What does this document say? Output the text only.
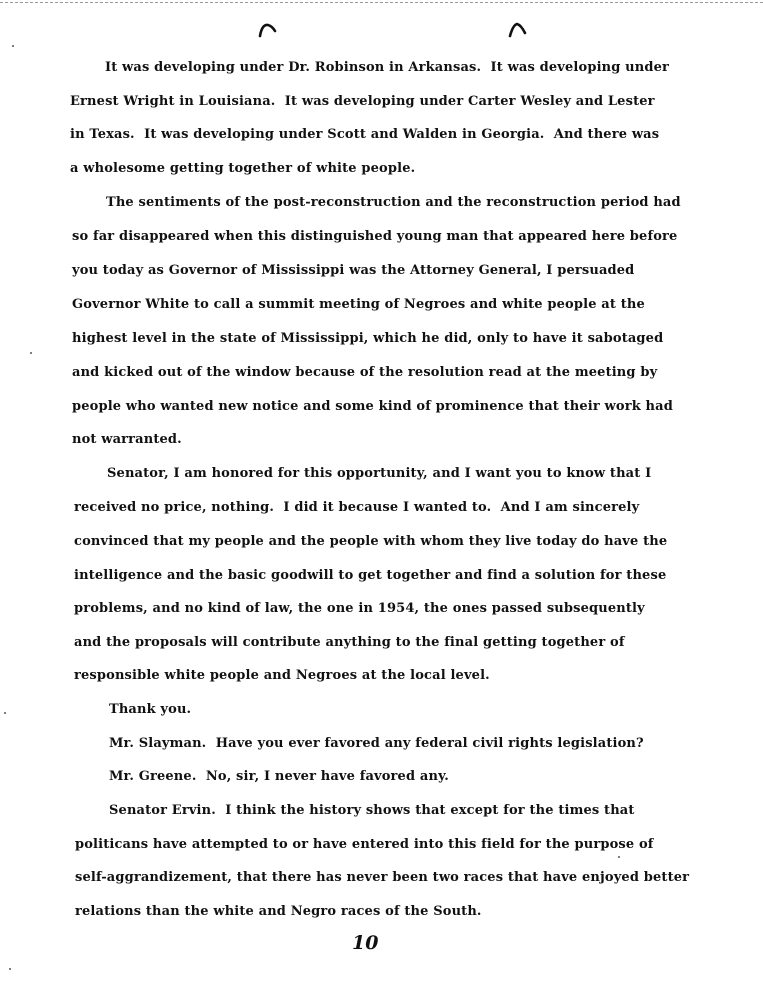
It was developing under Dr. Robinson in Arkansas.  It was developing under
Ernest Wright in Louisiana.  It was developing under Carter Wesley and Lester
in Texas.  It was developing under Scott and Walden in Georgia.  And there was
a wholesome getting together of white people.
The sentiments of the post-reconstruction and the reconstruction period had
so far disappeared when this distinguished young man that appeared here before
you today as Governor of Mississippi was the Attorney General, I persuaded
Governor White to call a summit meeting of Negroes and white people at the
highest level in the state of Mississippi, which he did, only to have it sabotaged
and kicked out of the window because of the resolution read at the meeting by
people who wanted new notice and some kind of prominence that their work had
not warranted.
Senator, I am honored for this opportunity, and I want you to know that I
received no price, nothing.  I did it because I wanted to.  And I am sincerely
convinced that my people and the people with whom they live today do have the
intelligence and the basic goodwill to get together and find a solution for these
problems, and no kind of law, the one in 1954, the ones passed subsequently
and the proposals will contribute anything to the final getting together of
responsible white people and Negroes at the local level.
Thank you.
Mr. Slayman.  Have you ever favored any federal civil rights legislation?
Mr. Greene.  No, sir, I never have favored any.
Senator Ervin.  I think the history shows that except for the times that
politicans have attempted to or have entered into this field for the purpose of
self-aggrandizement, that there has never been two races that have enjoyed better
relations than the white and Negro races of the South.
10
